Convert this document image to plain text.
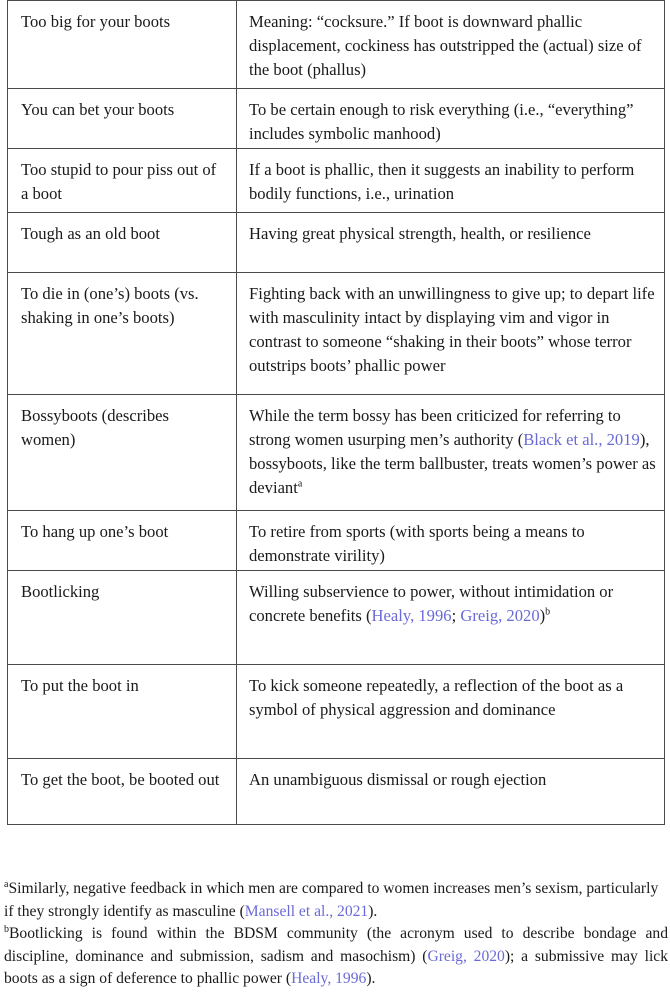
Too big for your boots	Meaning: “cocksure.” If boot is downward phallic displacement, cockiness has outstripped the (actual) size of the boot (phallus)
You can bet your boots	To be certain enough to risk everything (i.e., “everything” includes symbolic manhood)
Too stupid to pour piss out of a boot	If a boot is phallic, then it suggests an inability to perform bodily functions, i.e., urination
Tough as an old boot	Having great physical strength, health, or resilience
To die in (one’s) boots (vs. shaking in one’s boots)	Fighting back with an unwillingness to give up; to depart life with masculinity intact by displaying vim and vigor in contrast to someone “shaking in their boots” whose terror outstrips boots’ phallic power
Bossyboots (describes women)	While the term bossy has been criticized for referring to strong women usurping men’s authority (Black et al., 2019), bossyboots, like the term ballbuster, treats women’s power as deviant$^a$
To hang up one’s boot	To retire from sports (with sports being a means to demonstrate virility)
Bootlicking	Willing subservience to power, without intimidation or concrete benefits (Healy, 1996; Greig, 2020)$^b$
To put the boot in	To kick someone repeatedly, a reflection of the boot as a symbol of physical aggression and dominance
To get the boot, be booted out	An unambiguous dismissal or rough ejection

$^a$Similarly, negative feedback in which men are compared to women increases men’s sexism, particularly if they strongly identify as masculine (Mansell et al., 2021).

$^b$Bootlicking is found within the BDSM community (the acronym used to describe bondage and discipline, dominance and submission, sadism and masochism) (Greig, 2020); a submissive may lick boots as a sign of deference to phallic power (Healy, 1996).
